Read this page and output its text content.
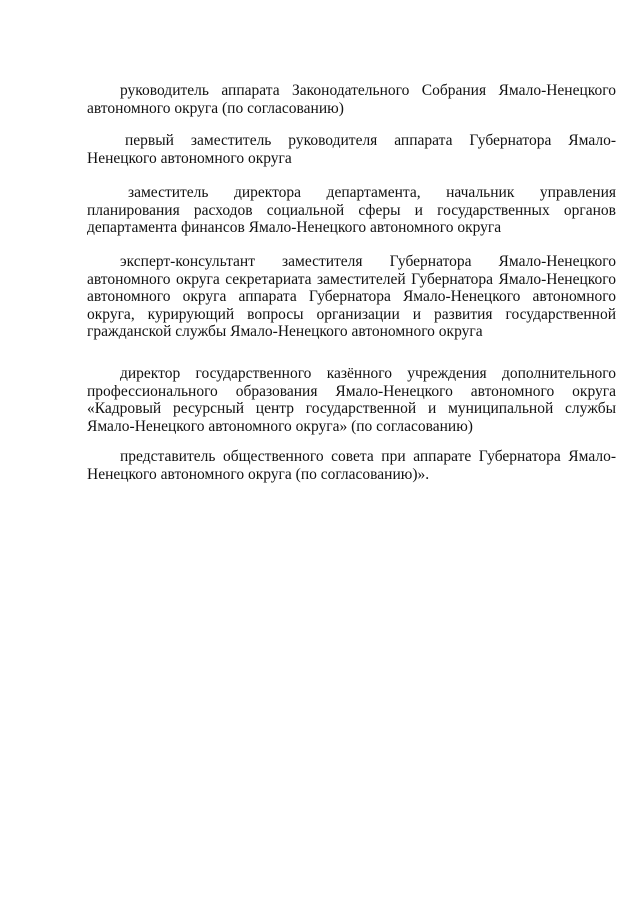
руководитель аппарата Законодательного Собрания Ямало-Ненецкого автономного округа (по согласованию)

первый заместитель руководителя аппарата Губернатора Ямало-Ненецкого автономного округа

заместитель директора департамента, начальник управления планирования расходов социальной сферы и государственных органов департамента финансов Ямало-Ненецкого автономного округа

эксперт-консультант заместителя Губернатора Ямало-Ненецкого автономного округа секретариата заместителей Губернатора Ямало-Ненецкого автономного округа аппарата Губернатора Ямало-Ненецкого автономного округа, курирующий вопросы организации и развития государственной гражданской службы Ямало-Ненецкого автономного округа

директор государственного казённого учреждения дополнительного профессионального образования Ямало-Ненецкого автономного округа «Кадровый ресурсный центр государственной и муниципальной службы Ямало-Ненецкого автономного округа» (по согласованию)

представитель общественного совета при аппарате Губернатора Ямало-Ненецкого автономного округа (по согласованию)».
